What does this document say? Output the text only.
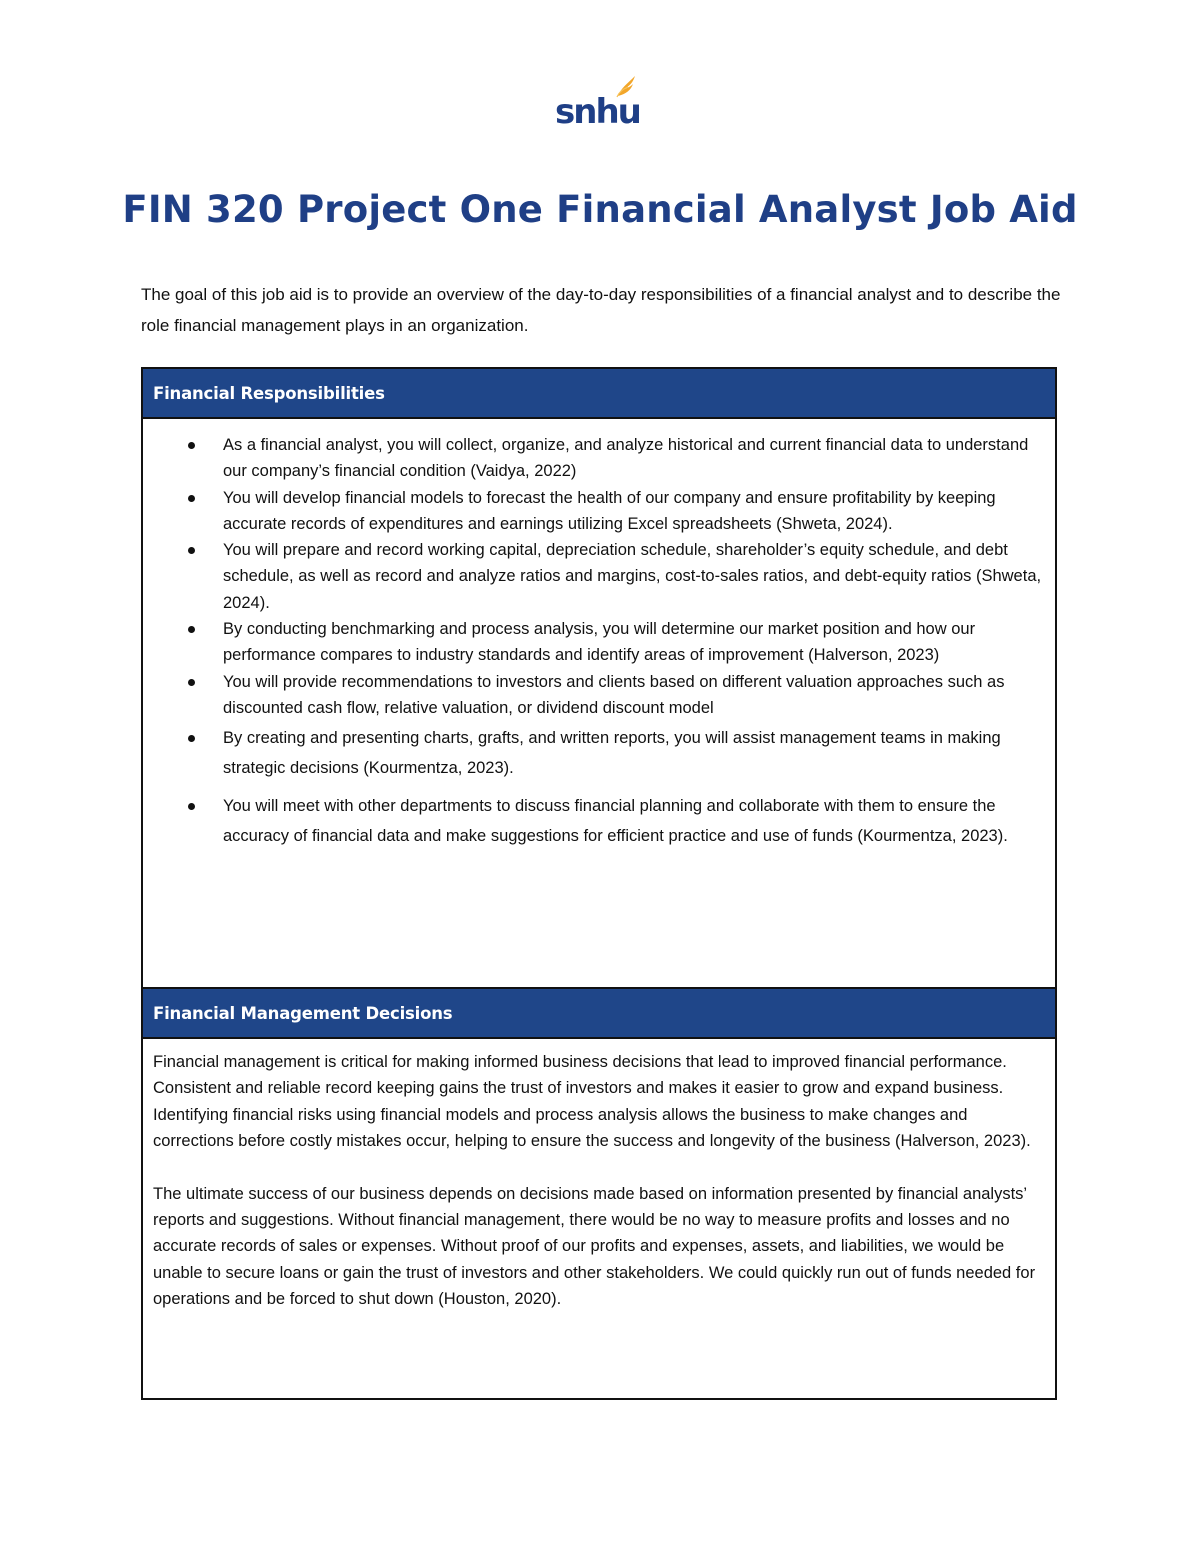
snhu
FIN 320 Project One Financial Analyst Job Aid

The goal of this job aid is to provide an overview of the day-to-day responsibilities of a financial analyst and to describe the role financial management plays in an organization.

Financial Responsibilities
As a financial analyst, you will collect, organize, and analyze historical and current financial data to understand our company’s financial condition (Vaidya, 2022)
You will develop financial models to forecast the health of our company and ensure profitability by keeping accurate records of expenditures and earnings utilizing Excel spreadsheets (Shweta, 2024).
You will prepare and record working capital, depreciation schedule, shareholder’s equity schedule, and debt schedule, as well as record and analyze ratios and margins, cost-to-sales ratios, and debt-equity ratios (Shweta, 2024).
By conducting benchmarking and process analysis, you will determine our market position and how our performance compares to industry standards and identify areas of improvement (Halverson, 2023)
You will provide recommendations to investors and clients based on different valuation approaches such as discounted cash flow, relative valuation, or dividend discount model
By creating and presenting charts, grafts, and written reports, you will assist management teams in making strategic decisions (Kourmentza, 2023).
You will meet with other departments to discuss financial planning and collaborate with them to ensure the accuracy of financial data and make suggestions for efficient practice and use of funds (Kourmentza, 2023).
Financial Management Decisions

Financial management is critical for making informed business decisions that lead to improved financial performance. Consistent and reliable record keeping gains the trust of investors and makes it easier to grow and expand business. Identifying financial risks using financial models and process analysis allows the business to make changes and corrections before costly mistakes occur, helping to ensure the success and longevity of the business (Halverson, 2023).

The ultimate success of our business depends on decisions made based on information presented by financial analysts’ reports and suggestions. Without financial management, there would be no way to measure profits and losses and no accurate records of sales or expenses. Without proof of our profits and expenses, assets, and liabilities, we would be unable to secure loans or gain the trust of investors and other stakeholders. We could quickly run out of funds needed for operations and be forced to shut down (Houston, 2020).
